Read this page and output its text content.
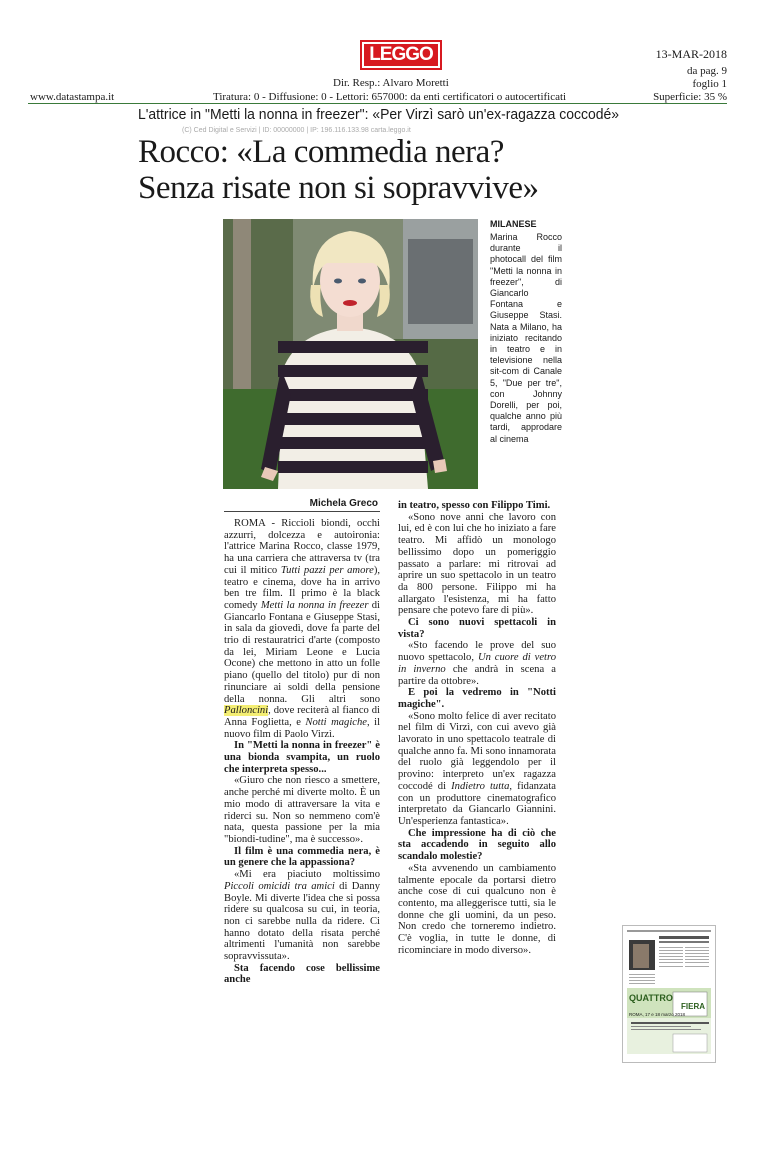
LEGGO	13-MAR-2018
Dir. Resp.: Alvaro Moretti
da pag. 9
foglio 1
Tiratura: 0 - Diffusione: 0 - Lettori: 657000: da enti certificatori o autocertificati
www.datastampa.it	Superficie: 35 %
L'attrice in "Metti la nonna in freezer": «Per Virzì sarò un'ex-ragazza coccodé»
(C) Ced Digital e Servizi | ID: 00000000 | IP: 196.116.133.98 carta.leggo.it
Rocco: «La commedia nera?
Senza risate non si sopravvive»
MILANESE
Marina Rocco durante il photocall del film "Metti la nonna in freezer", di Giancarlo Fontana e Giuseppe Stasi. Nata a Milano, ha iniziato recitando in teatro e in televisione nella sit-com di Canale 5, "Due per tre", con Johnny Dorelli, per poi, qualche anno più tardi, approdare al cinema
Michela Greco

ROMA - Riccioli biondi, occhi azzurri, dolcezza e autoironia: l'attrice Marina Rocco, classe 1979, ha una carriera che attraversa tv (tra cui il mitico Tutti pazzi per amore), teatro e cinema, dove ha in arrivo ben tre film. Il primo è la black comedy Metti la nonna in freezer di Giancarlo Fontana e Giuseppe Stasi, in sala da giovedì, dove fa parte del trio di restauratrici d'arte (composto da lei, Miriam Leone e Lucia Ocone) che mettono in atto un folle piano (quello del titolo) pur di non rinunciare ai soldi della pensione della nonna. Gli altri sono Palloncini, dove reciterà al fianco di Anna Foglietta, e Notti magiche, il nuovo film di Paolo Virzì.

In "Metti la nonna in freezer" è una bionda svampita, un ruolo che interpreta spesso...

«Giuro che non riesco a smettere, anche perché mi diverte molto. È un mio modo di attraversare la vita e riderci su. Non so nemmeno com'è nata, questa passione per la mia "biondi-tudine", ma è successo».

Il film è una commedia nera, è un genere che la appassiona?

«Mi era piaciuto moltissimo Piccoli omicidi tra amici di Danny Boyle. Mi diverte l'idea che si possa ridere su qualcosa su cui, in teoria, non ci sarebbe nulla da ridere. Ci hanno dotato della risata perché altrimenti l'umanità non sarebbe sopravvissuta».

Sta facendo cose bellissime anche

in teatro, spesso con Filippo Timi.

«Sono nove anni che lavoro con lui, ed è con lui che ho iniziato a fare teatro. Mi affidò un monologo bellissimo dopo un pomeriggio passato a parlare: mi ritrovai ad aprire un suo spettacolo in un teatro da 800 persone. Filippo mi ha allargato l'esistenza, mi ha fatto pensare che potevo fare di più».

Ci sono nuovi spettacoli in vista?

«Sto facendo le prove del suo nuovo spettacolo, Un cuore di vetro in inverno che andrà in scena a partire da ottobre».

E poi la vedremo in "Notti magiche".

«Sono molto felice di aver recitato nel film di Virzì, con cui avevo già lavorato in uno spettacolo teatrale di qualche anno fa. Mi sono innamorata del ruolo già leggendolo per il provino: interpreto un'ex ragazza coccodé di Indietro tutta, fidanzata con un produttore cinematografico interpretato da Giancarlo Giannini. Un'esperienza fantastica».

Che impressione ha di ciò che sta accadendo in seguito allo scandalo molestie?

«Sta avvenendo un cambiamento talmente epocale da portarsi dietro anche cose di cui qualcuno non è contento, ma alleggerisce tutti, sia le donne che gli uomini, da un peso. Non credo che torneremo indietro. C'è voglia, in tutte le donne, di ricominciare in modo diverso».

QUATTRO
FIERA
ROMA, 17 e 18 marzo 2018
